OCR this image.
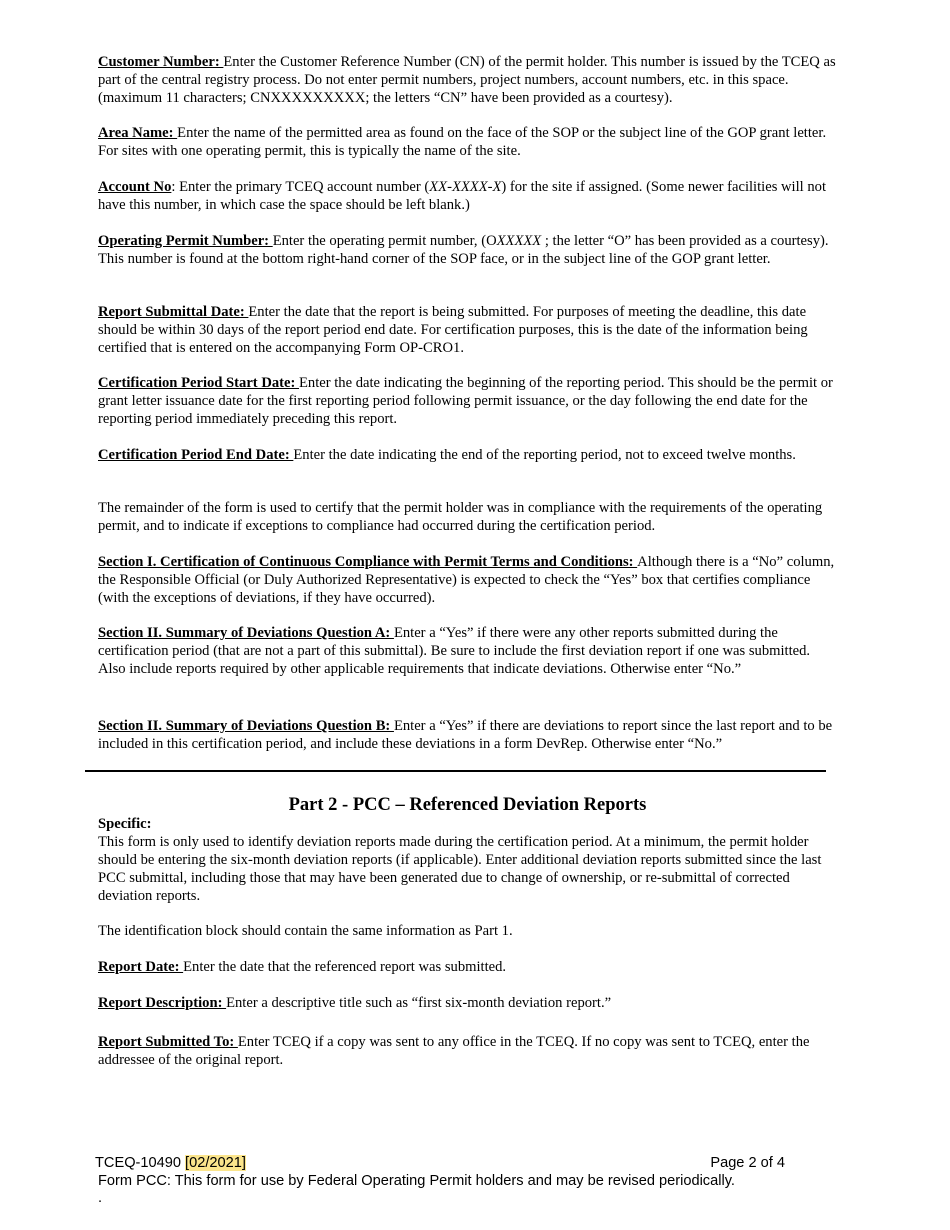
Customer Number: Enter the Customer Reference Number (CN) of the permit holder. This number is issued by the TCEQ as part of the central registry process. Do not enter permit numbers, project numbers, account numbers, etc. in this space. (maximum 11 characters; CNXXXXXXXXX; the letters “CN” have been provided as a courtesy).
Area Name: Enter the name of the permitted area as found on the face of the SOP or the subject line of the GOP grant letter. For sites with one operating permit, this is typically the name of the site.
Account No: Enter the primary TCEQ account number (XX-XXXX-X) for the site if assigned. (Some newer facilities will not have this number, in which case the space should be left blank.)
Operating Permit Number: Enter the operating permit number, (OXXXXX ; the letter “O” has been provided as a courtesy). This number is found at the bottom right-hand corner of the SOP face, or in the subject line of the GOP grant letter.
Report Submittal Date: Enter the date that the report is being submitted. For purposes of meeting the deadline, this date should be within 30 days of the report period end date. For certification purposes, this is the date of the information being certified that is entered on the accompanying Form OP-CRO1.
Certification Period Start Date: Enter the date indicating the beginning of the reporting period. This should be the permit or grant letter issuance date for the first reporting period following permit issuance, or the day following the end date for the reporting period immediately preceding this report.
Certification Period End Date: Enter the date indicating the end of the reporting period, not to exceed twelve months.
The remainder of the form is used to certify that the permit holder was in compliance with the requirements of the operating permit, and to indicate if exceptions to compliance had occurred during the certification period.
Section I. Certification of Continuous Compliance with Permit Terms and Conditions: Although there is a “No” column, the Responsible Official (or Duly Authorized Representative) is expected to check the “Yes” box that certifies compliance (with the exceptions of deviations, if they have occurred).
Section II. Summary of Deviations Question A: Enter a “Yes” if there were any other reports submitted during the certification period (that are not a part of this submittal). Be sure to include the first deviation report if one was submitted. Also include reports required by other applicable requirements that indicate deviations. Otherwise enter “No.”
Section II. Summary of Deviations Question B: Enter a “Yes” if there are deviations to report since the last report and to be included in this certification period, and include these deviations in a form DevRep. Otherwise enter “No.”
Part 2 - PCC – Referenced Deviation Reports
Specific:
This form is only used to identify deviation reports made during the certification period. At a minimum, the permit holder should be entering the six-month deviation reports (if applicable). Enter additional deviation reports submitted since the last PCC submittal, including those that may have been generated due to change of ownership, or re-submittal of corrected deviation reports.
The identification block should contain the same information as Part 1.
Report Date: Enter the date that the referenced report was submitted.
Report Description: Enter a descriptive title such as “first six-month deviation report.”
Report Submitted To: Enter TCEQ if a copy was sent to any office in the TCEQ. If no copy was sent to TCEQ, enter the addressee of the original report.
TCEQ-10490 [02/2021]	Page 2 of 4
Form PCC: This form for use by Federal Operating Permit holders and may be revised periodically.
.
